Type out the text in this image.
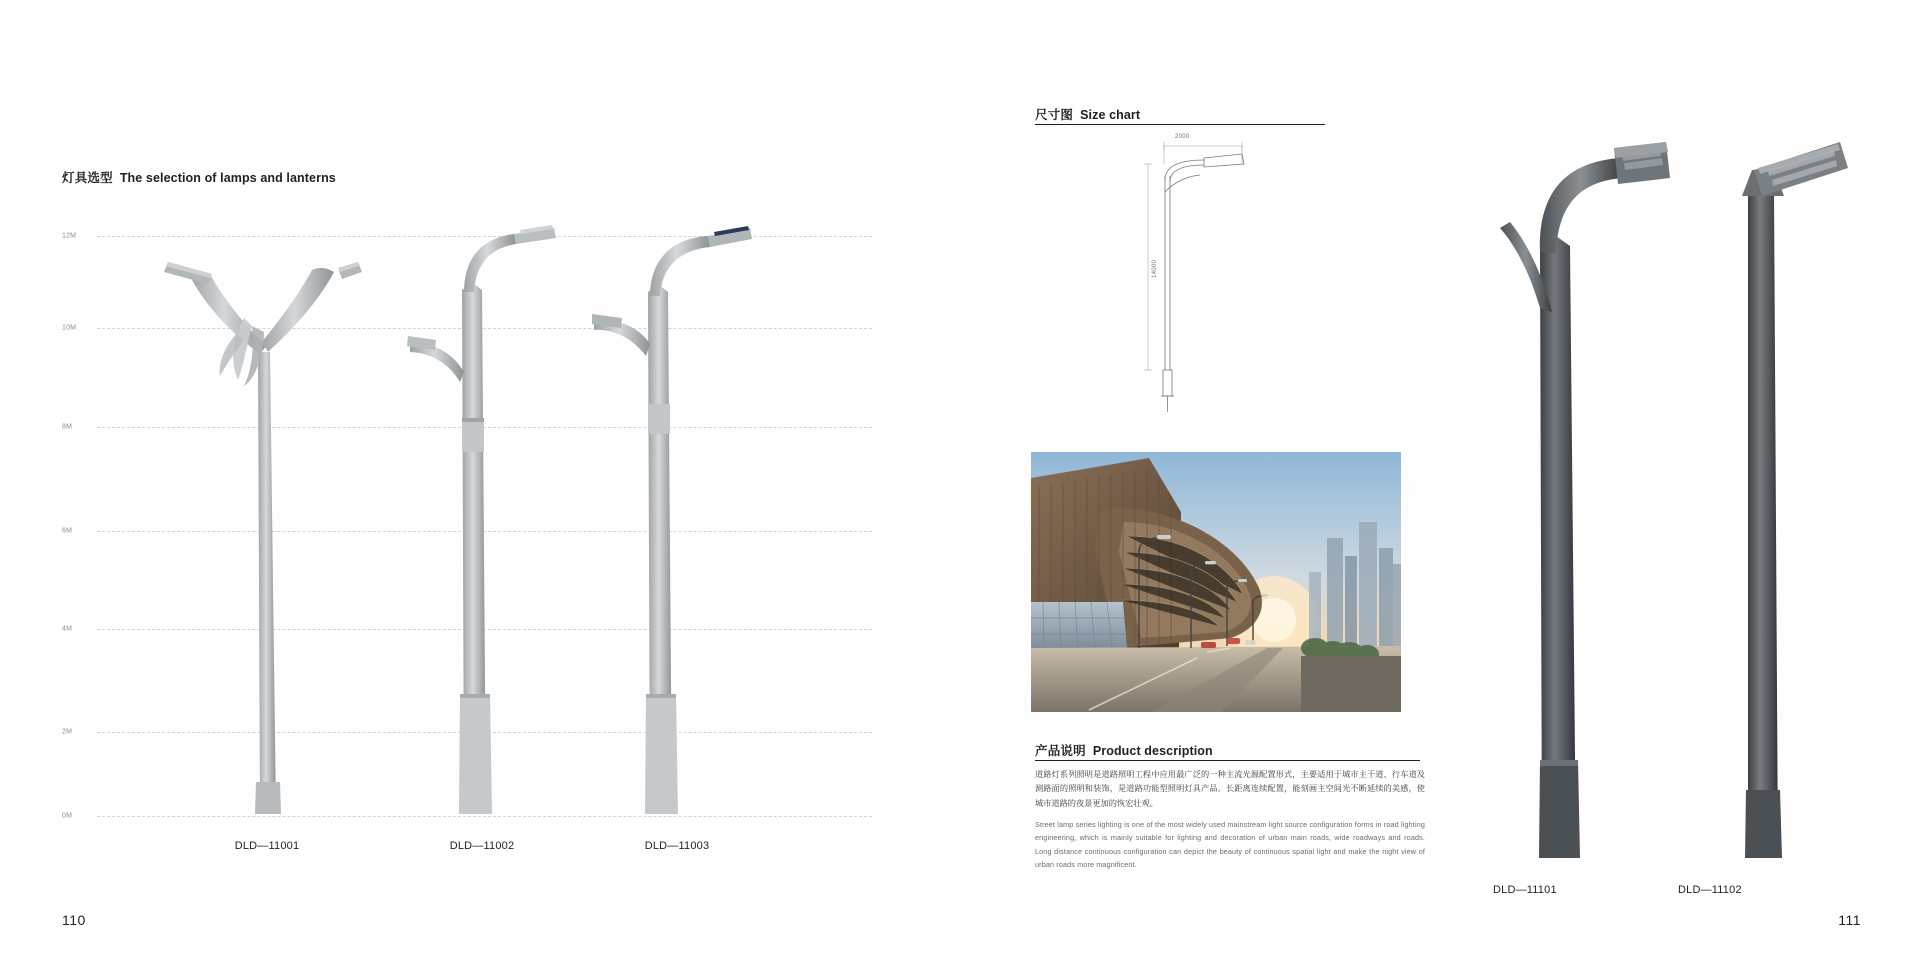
灯具选型 The selection of lamps and lanterns
12M
10M
8M
6M
4M
2M
0M
DLD—11001	DLD—11002	DLD—11003
110
尺寸图 Size chart
2000
14000
产品说明 Product description
道路灯系列照明是道路照明工程中应用最广泛的一种主流光源配置形式，主要适用于城市主干道、行车道及测路面的照明和装饰，是道路功能型照明灯具产品。长距离连续配置，能刻画主空间光不断延续的美感，使城市道路的夜景更加的恢宏壮观。
Street lamp series lighting is one of the most widely used mainstream light source configuration forms in road lighting engineering, which is mainly suitable for lighting and decoration of urban main roads, wide roadways and roads. Long distance continuous configuration can depict the beauty of continuous spatial light and make the night view of urban roads more magnificent.
DLD—11101	DLD—11102
111
